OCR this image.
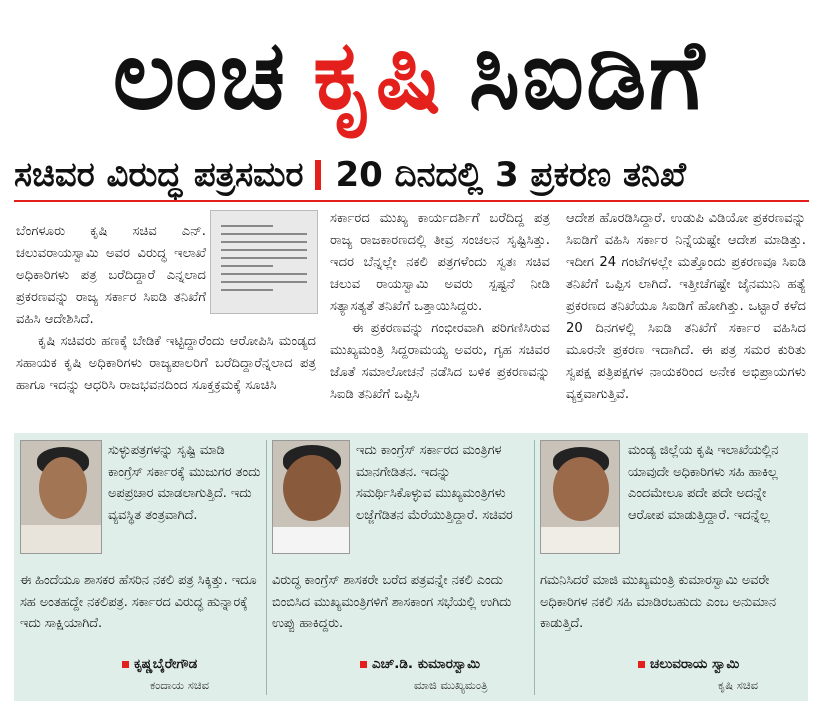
ಲಂಚ ಕೃಷಿ ಸಿಐಡಿಗೆ
ಸಚಿವರ ವಿರುದ್ಧ ಪತ್ರಸಮರ 20 ದಿನದಲ್ಲಿ 3 ಪ್ರಕರಣ ತನಿಖೆ

ಬೆಂಗಳೂರು ಕೃಷಿ ಸಚಿವ ಎನ್. ಚಲುವರಾಯಸ್ವಾಮಿ ಅವರ ವಿರುದ್ಧ ಇಲಾಖೆ ಅಧಿಕಾರಿಗಳು ಪತ್ರ ಬರೆದಿದ್ದಾರೆ ಎನ್ನಲಾದ ಪ್ರಕರಣವನ್ನು ರಾಜ್ಯ ಸರ್ಕಾರ ಸಿಐಡಿ ತನಿಖೆಗೆ ವಹಿಸಿ ಆದೇಶಿಸಿದೆ.

ಕೃಷಿ ಸಚಿವರು ಹಣಕ್ಕೆ ಬೇಡಿಕೆ ಇಟ್ಟಿದ್ದಾರೆಂದು ಆರೋಪಿಸಿ ಮಂಡ್ಯದ ಸಹಾಯಕ ಕೃಷಿ ಅಧಿಕಾರಿಗಳು ರಾಜ್ಯಪಾಲರಿಗೆ ಬರೆದಿದ್ದಾರೆನ್ನಲಾದ ಪತ್ರ ಹಾಗೂ ಇದನ್ನು ಆಧರಿಸಿ ರಾಜಭವನದಿಂದ ಸೂಕ್ತಕ್ರಮಕ್ಕೆ ಸೂಚಿಸಿ

ಸರ್ಕಾರದ ಮುಖ್ಯ ಕಾರ್ಯದರ್ಶಿಗೆ ಬರೆದಿದ್ದ ಪತ್ರ ರಾಜ್ಯ ರಾಜಕಾರಣದಲ್ಲಿ ತೀವ್ರ ಸಂಚಲನ ಸೃಷ್ಟಿಸಿತ್ತು. ಇದರ ಬೆನ್ನಲ್ಲೇ ನಕಲಿ ಪತ್ರಗಳೆಂದು ಸ್ವತಃ ಸಚಿವ ಚಲುವ ರಾಯಸ್ವಾಮಿ ಅವರು ಸ್ಪಷ್ಟನೆ ನೀಡಿ ಸತ್ಯಾಸತ್ಯತೆ ತನಿಖೆಗೆ ಒತ್ತಾಯಿಸಿದ್ದರು.

ಈ ಪ್ರಕರಣವನ್ನು ಗಂಭೀರವಾಗಿ ಪರಿಗಣಿಸಿರುವ ಮುಖ್ಯಮಂತ್ರಿ ಸಿದ್ದರಾಮಯ್ಯ ಅವರು, ಗೃಹ ಸಚಿವರ ಜೊತೆ ಸಮಾಲೋಚನೆ ನಡೆಸಿದ ಬಳಿಕ ಪ್ರಕರಣವನ್ನು ಸಿಐಡಿ ತನಿಖೆಗೆ ಒಪ್ಪಿಸಿ

ಆದೇಶ ಹೊರಡಿಸಿದ್ದಾರೆ. ಉಡುಪಿ ವಿಡಿಯೋ ಪ್ರಕರಣವನ್ನು ಸಿಐಡಿಗೆ ವಹಿಸಿ ಸರ್ಕಾರ ನಿನ್ನೆಯಷ್ಟೇ ಆದೇಶ ಮಾಡಿತ್ತು. ಇದೀಗ 24 ಗಂಟೆಗಳಲ್ಲೇ ಮತ್ತೊಂದು ಪ್ರಕರಣವೂ ಸಿಐಡಿ ತನಿಖೆಗೆ ಒಪ್ಪಿಸ ಲಾಗಿದೆ. ಇತ್ತೀಚೆಗಷ್ಟೇ ಜೈನಮುನಿ ಹತ್ಯೆ ಪ್ರಕರಣದ ತನಿಖೆಯೂ ಸಿಐಡಿಗೆ ಹೋಗಿತ್ತು. ಒಟ್ಟಾರೆ ಕಳೆದ 20 ದಿನಗಳಲ್ಲಿ ಸಿಐಡಿ ತನಿಖೆಗೆ ಸರ್ಕಾರ ವಹಿಸಿದ ಮೂರನೇ ಪ್ರಕರಣ ಇದಾಗಿದೆ. ಈ ಪತ್ರ ಸಮರ ಕುರಿತು ಸ್ವಪಕ್ಷ ಪತ್ರಿಪಕ್ಷಗಳ ನಾಯಕರಿಂದ ಅನೇಕ ಅಭಿಪ್ರಾಯಗಳು ವ್ಯಕ್ತವಾಗುತ್ತಿವೆ.

ಸುಳ್ಳುಪತ್ರಗಳನ್ನು ಸೃಷ್ಟಿ ಮಾಡಿ ಕಾಂಗ್ರೆಸ್ ಸರ್ಕಾರಕ್ಕೆ ಮುಜುಗರ ತಂದು ಅಪಪ್ರಚಾರ ಮಾಡಲಾಗುತ್ತಿದೆ. ಇದು ವ್ಯವಸ್ಥಿತ ತಂತ್ರವಾಗಿದೆ.

ಈ ಹಿಂದೆಯೂ ಶಾಸಕರ ಹೆಸರಿನ ನಕಲಿ ಪತ್ರ ಸಿಕ್ಕಿತ್ತು. ಇದೂ ಸಹ ಅಂತಹದ್ದೇ ನಕಲಿಪತ್ರ. ಸರ್ಕಾರದ ವಿರುದ್ಧ ಹುನ್ನಾರಕ್ಕೆ ಇದು ಸಾಕ್ಷಿಯಾಗಿದೆ.

ಕೃಷ್ಣಬೈರೇಗೌಡ
ಕಂದಾಯ ಸಚಿವ

ಇದು ಕಾಂಗ್ರೆಸ್ ಸರ್ಕಾರದ ಮಂತ್ರಿಗಳ ಮಾನಗೇಡಿತನ. ಇದನ್ನು ಸಮರ್ಥಿಸಿಕೊಳ್ಳುವ ಮುಖ್ಯಮಂತ್ರಿಗಳು ಲಜ್ಜೆಗೆಡಿತನ ಮೆರೆಯುತ್ತಿದ್ದಾರೆ. ಸಚಿವರ

ವಿರುದ್ಧ ಕಾಂಗ್ರೆಸ್ ಶಾಸಕರೇ ಬರೆದ ಪತ್ರವನ್ನೇ ನಕಲಿ ಎಂದು ಬಿಂಬಿಸಿದ ಮುಖ್ಯಮಂತ್ರಿಗಳಿಗೆ ಶಾಸಕಾಂಗ ಸಭೆಯಲ್ಲಿ ಉಗಿದು ಉಪ್ಪು ಹಾಕಿದ್ದರು.

ಎಚ್.ಡಿ. ಕುಮಾರಸ್ವಾಮಿ
ಮಾಜಿ ಮುಖ್ಯಮಂತ್ರಿ

ಮಂಡ್ಯ ಜಿಲ್ಲೆಯ ಕೃಷಿ ಇಲಾಖೆಯಲ್ಲಿನ ಯಾವುದೇ ಅಧಿಕಾರಿಗಳು ಸಹಿ ಹಾಕಿಲ್ಲ ಎಂದಮೇಲೂ ಪದೇ ಪದೇ ಅದನ್ನೇ ಆರೋಪ ಮಾಡುತ್ತಿದ್ದಾರೆ. ಇದನ್ನೆಲ್ಲ

ಗಮನಿಸಿದರೆ ಮಾಜಿ ಮುಖ್ಯಮಂತ್ರಿ ಕುಮಾರಸ್ವಾಮಿ ಅವರೇ ಅಧಿಕಾರಿಗಳ ನಕಲಿ ಸಹಿ ಮಾಡಿರಬಹುದು ಎಂಬ ಅನುಮಾನ ಕಾಡುತ್ತಿದೆ.

ಚಲುವರಾಯ ಸ್ವಾಮಿ
ಕೃಷಿ ಸಚಿವ
